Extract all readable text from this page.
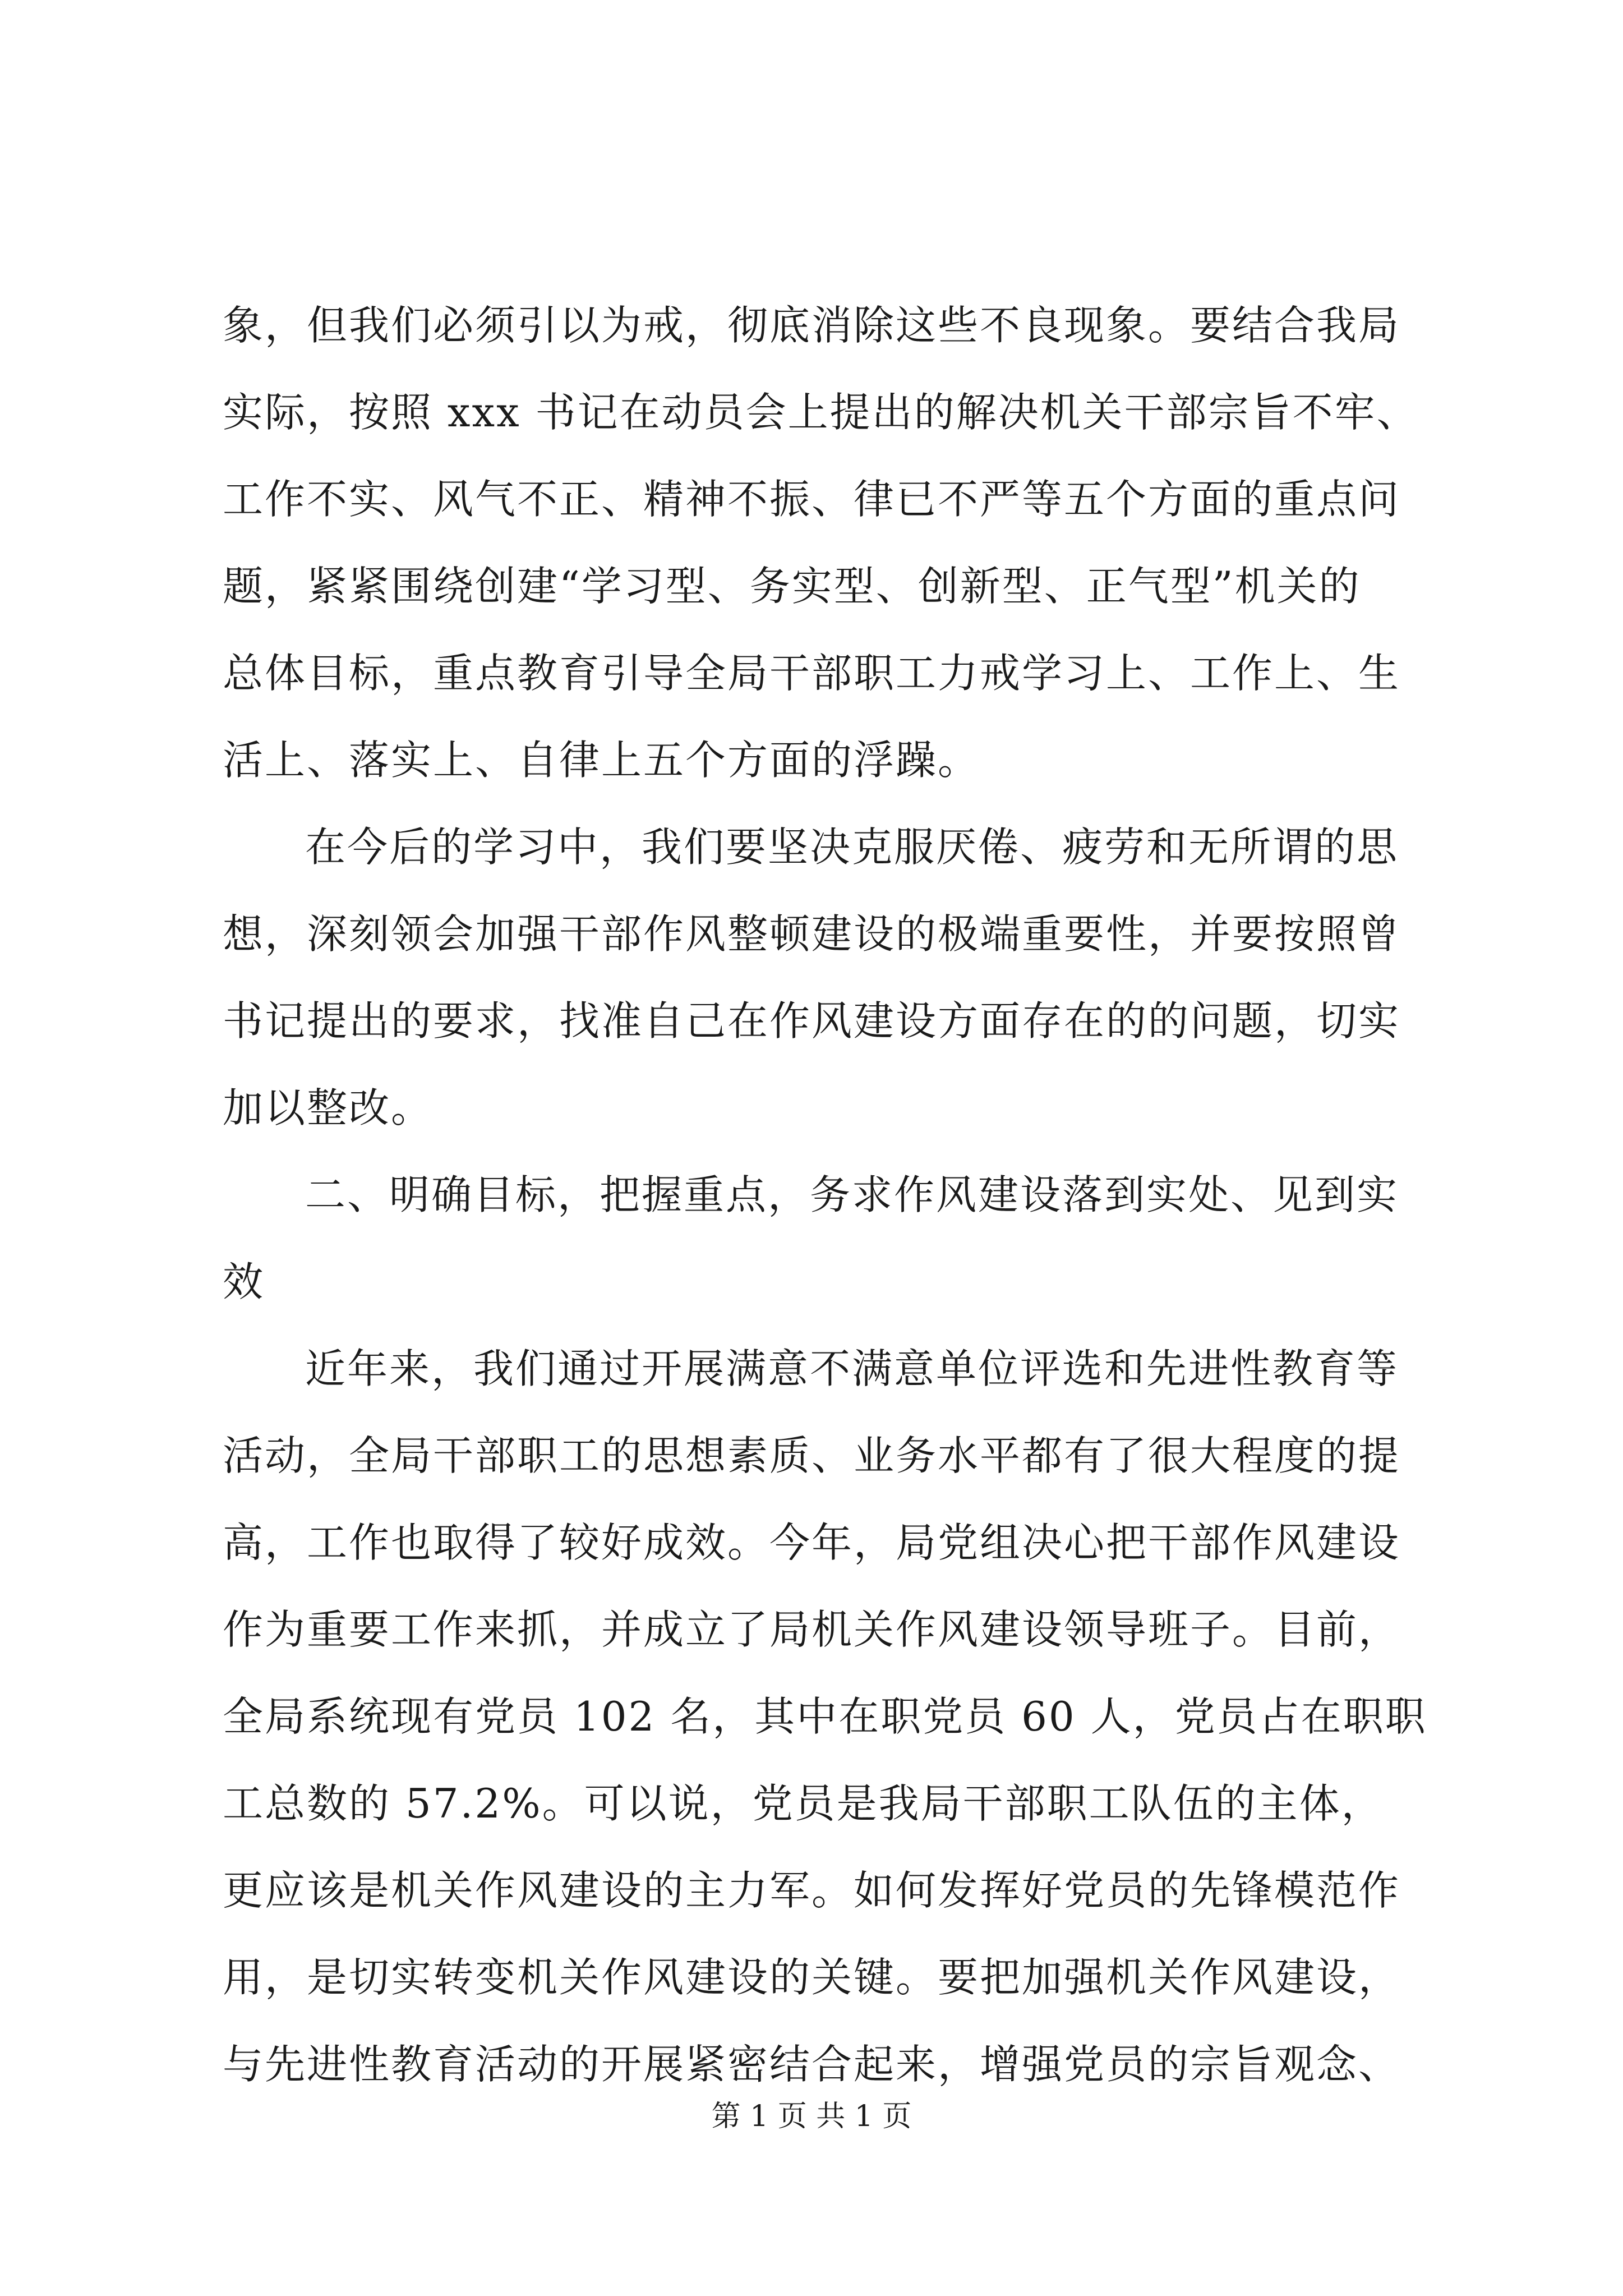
象，但我们必须引以为戒，彻底消除这些不良现象。要结合我局
实际，按照 xxx 书记在动员会上提出的解决机关干部宗旨不牢、
工作不实、风气不正、精神不振、律已不严等五个方面的重点问
题，紧紧围绕创建“学习型、务实型、创新型、正气型”机关的
总体目标，重点教育引导全局干部职工力戒学习上、工作上、生
活上、落实上、自律上五个方面的浮躁。
在今后的学习中，我们要坚决克服厌倦、疲劳和无所谓的思
想，深刻领会加强干部作风整顿建设的极端重要性，并要按照曾
书记提出的要求，找准自己在作风建设方面存在的的问题，切实
加以整改。
二、明确目标，把握重点，务求作风建设落到实处、见到实
效
近年来，我们通过开展满意不满意单位评选和先进性教育等
活动，全局干部职工的思想素质、业务水平都有了很大程度的提
高，工作也取得了较好成效。今年，局党组决心把干部作风建设
作为重要工作来抓，并成立了局机关作风建设领导班子。目前，
全局系统现有党员 102 名，其中在职党员 60 人，党员占在职职
工总数的 57.2%。可以说，党员是我局干部职工队伍的主体，
更应该是机关作风建设的主力军。如何发挥好党员的先锋模范作
用，是切实转变机关作风建设的关键。要把加强机关作风建设，
与先进性教育活动的开展紧密结合起来，增强党员的宗旨观念、
第 1 页 共 1 页
